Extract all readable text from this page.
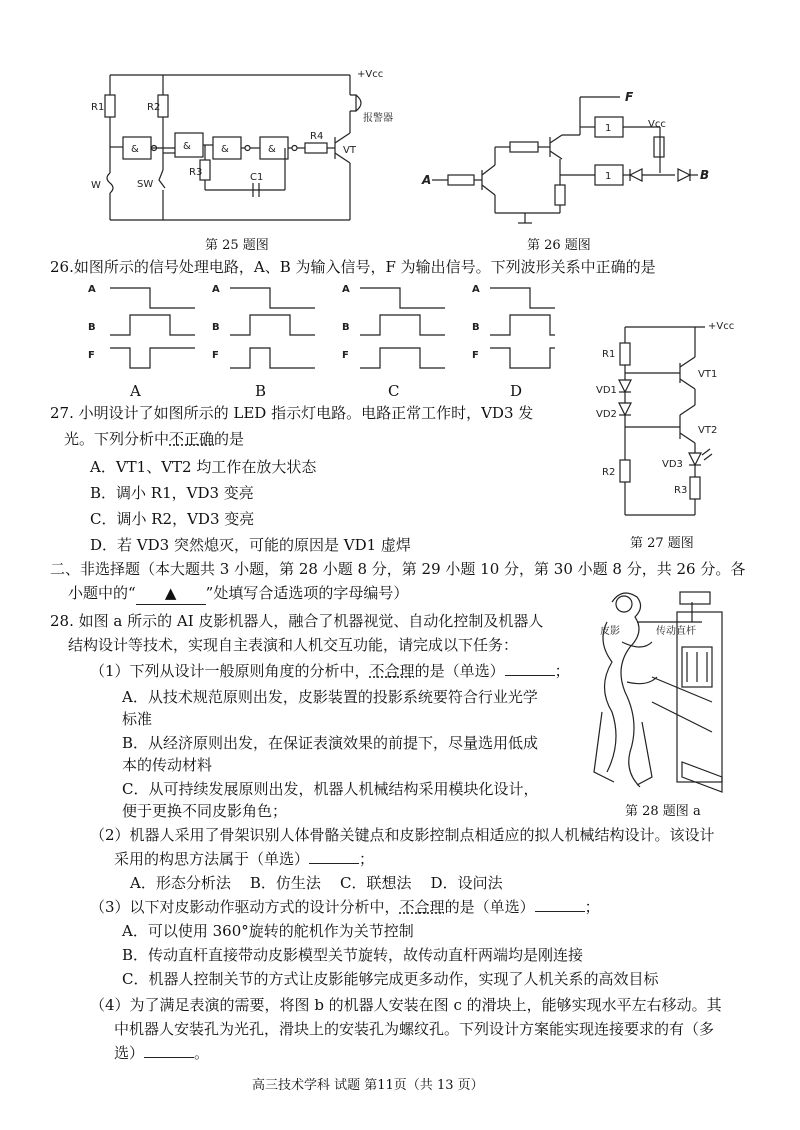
+Vcc
R1
W
R2
SW
&	&	&
R3	C1
&
R4
VT
报警器
第 25 题图
F
1	Vcc
A	1	B
第 26 题图
26.如图所示的信号处理电路，A、B 为输入信号，F 为输出信号。下列波形关系中正确的是
A
B
F
A
B
F
A
B
F
A
B
F
A	B	C	D
+Vcc
R1
VD1
VD2
VT1
VT2
VD3
R3
R2
第 27 题图
27. 小明设计了如图所示的 LED 指示灯电路。电路正常工作时，VD3 发
光。下列分析中不正确的是
A．VT1、VT2 均工作在放大状态
B．调小 R1，VD3 变亮
C．调小 R2，VD3 变亮
D．若 VD3 突然熄灭，可能的原因是 VD1 虚焊
二、非选择题（本大题共 3 小题，第 28 小题 8 分，第 29 小题 10 分，第 30 小题 8 分，共 26 分。各
小题中的“ ▲ ”处填写合适选项的字母编号）
28. 如图 a 所示的 AI 皮影机器人，融合了机器视觉、自动化控制及机器人
结构设计等技术，实现自主表演和人机交互功能，请完成以下任务：
（1）下列从设计一般原则角度的分析中，不合理的是（单选）	；
A．从技术规范原则出发，皮影装置的投影系统要符合行业光学
标准
B．从经济原则出发，在保证表演效果的前提下，尽量选用低成
本的传动材料
C．从可持续发展原则出发，机器人机械结构采用模块化设计，
便于更换不同皮影角色；
皮影	传动直杆
第 28 题图 a
（2）机器人采用了骨架识别人体骨骼关键点和皮影控制点相适应的拟人机械结构设计。该设计
采用的构思方法属于（单选）	；
A．形态分析法    B．仿生法    C．联想法    D．设问法
（3）以下对皮影动作驱动方式的设计分析中，不合理的是（单选）	；
A．可以使用 360°旋转的舵机作为关节控制
B．传动直杆直接带动皮影模型关节旋转，故传动直杆两端均是刚连接
C．机器人控制关节的方式让皮影能够完成更多动作，实现了人机关系的高效目标
（4）为了满足表演的需要，将图 b 的机器人安装在图 c 的滑块上，能够实现水平左右移动。其
中机器人安装孔为光孔，滑块上的安装孔为螺纹孔。下列设计方案能实现连接要求的有（多
选）	。
高三技术学科 试题 第11页（共 13 页）
